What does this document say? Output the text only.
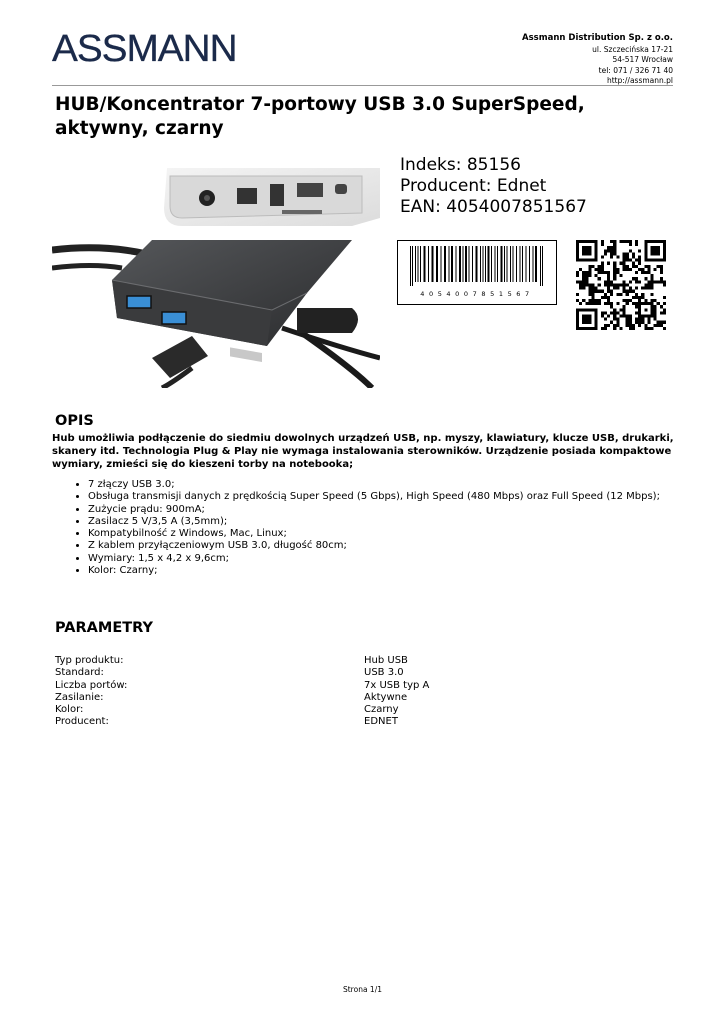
ASSMANN	Assmann Distribution Sp. z o.o.
ul. Szczecińska 17-21
54-517 Wrocław
tel: 071 / 326 71 40
http://assmann.pl
HUB/Koncentrator 7-portowy USB 3.0 SuperSpeed, aktywny, czarny
Indeks: 85156
Producent: Ednet
EAN: 4054007851567
4054007851567
OPIS
Hub umożliwia podłączenie do siedmiu dowolnych urządzeń USB, np. myszy, klawiatury, klucze USB, drukarki, skanery itd. Technologia Plug & Play nie wymaga instalowania sterowników. Urządzenie posiada kompaktowe wymiary, zmieści się do kieszeni torby na notebooka;
• 7 złączy USB 3.0;
• Obsługa transmisji danych z prędkością Super Speed (5 Gbps), High Speed (480 Mbps) oraz Full Speed (12 Mbps);
• Zużycie prądu: 900mA;
• Zasilacz 5 V/3,5 A (3,5mm);
• Kompatybilność z Windows, Mac, Linux;
• Z kablem przyłączeniowym USB 3.0, długość 80cm;
• Wymiary: 1,5 x 4,2 x 9,6cm;
• Kolor: Czarny;
PARAMETRY
Typ produktu:	Hub USB
Standard:	USB 3.0
Liczba portów:	7x USB typ A
Zasilanie:	Aktywne
Kolor:	Czarny
Producent:	EDNET
Strona 1/1
